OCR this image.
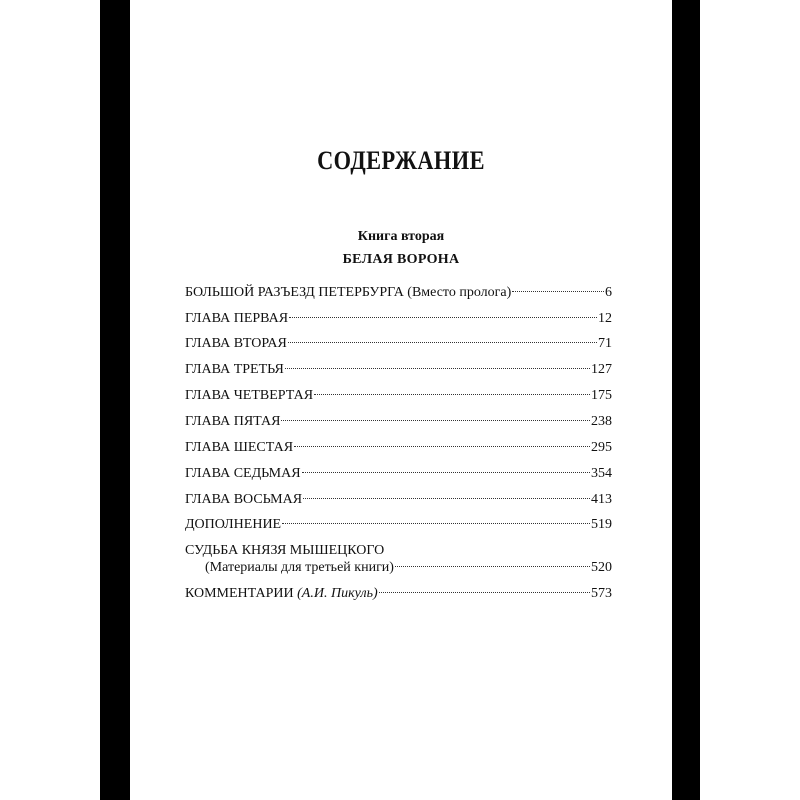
СОДЕРЖАНИЕ
Книга вторая
БЕЛАЯ ВОРОНА
БОЛЬШОЙ РАЗЪЕЗД ПЕТЕРБУРГА (Вместо пролога)	6
ГЛАВА ПЕРВАЯ	12
ГЛАВА ВТОРАЯ	71
ГЛАВА ТРЕТЬЯ	127
ГЛАВА ЧЕТВЕРТАЯ	175
ГЛАВА ПЯТАЯ	238
ГЛАВА ШЕСТАЯ	295
ГЛАВА СЕДЬМАЯ	354
ГЛАВА ВОСЬМАЯ	413
ДОПОЛНЕНИЕ	519
СУДЬБА КНЯЗЯ МЫШЕЦКОГО
(Материалы для третьей книги)	520
КОММЕНТАРИИ (А.И. Пикуль)	573
